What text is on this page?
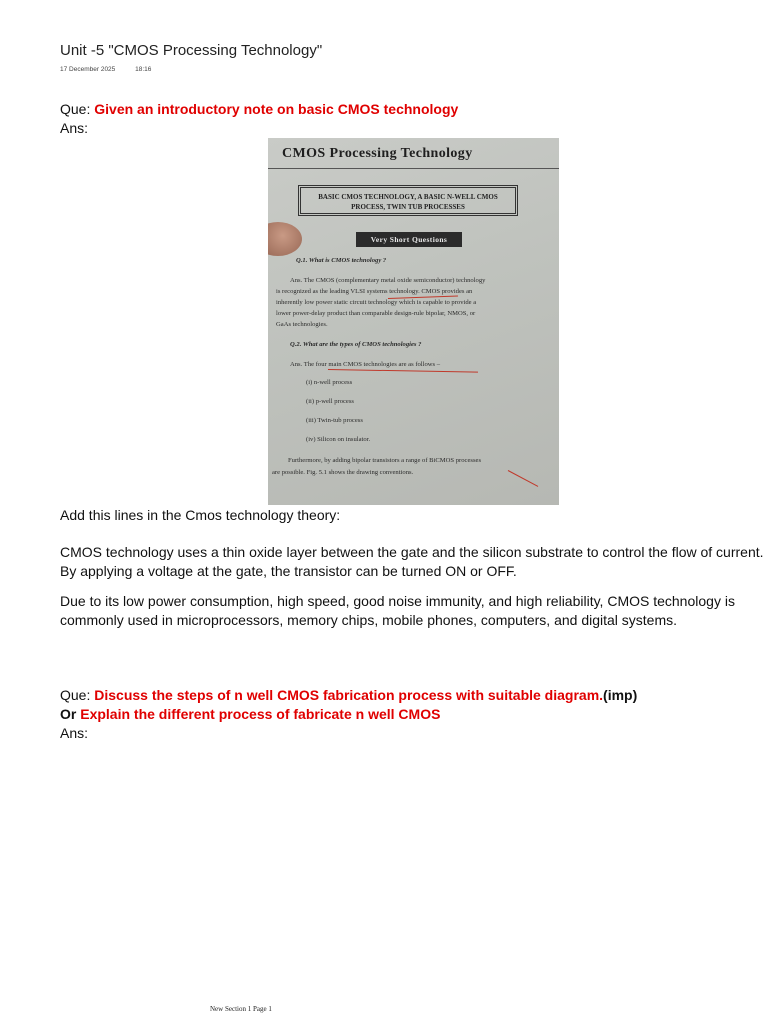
Unit -5 "CMOS Processing Technology"
17 December 2025	18:16
Que: Given an introductory note on basic CMOS technology
Ans:
CMOS Processing Technology
BASIC CMOS TECHNOLOGY, A BASIC N-WELL CMOS
PROCESS, TWIN TUB PROCESSES
Very Short Questions
Q.1. What is CMOS technology ?
Ans. The CMOS (complementary metal oxide semiconductor) technology
is recognized as the leading VLSI systems technology. CMOS provides an
inherently low power static circuit technology which is capable to provide a
lower power-delay product than comparable design-rule bipolar, NMOS, or
GaAs technologies.
Q.2. What are the types of CMOS technologies ?
Ans. The four main CMOS technologies are as follows –
(i) n-well process
(ii) p-well process
(iii) Twin-tub process
(iv) Silicon on insulator.
Furthermore, by adding bipolar transistors a range of BiCMOS processes
are possible. Fig. 5.1 shows the drawing conventions.
Add this lines in the Cmos technology theory:
CMOS technology uses a thin oxide layer between the gate and the silicon substrate to control the flow of current. By applying a voltage at the gate, the transistor can be turned ON or OFF.
Due to its low power consumption, high speed, good noise immunity, and high reliability, CMOS technology is commonly used in microprocessors, memory chips, mobile phones, computers, and digital systems.
Que: Discuss the steps of n well CMOS fabrication process with suitable diagram.(imp)
Or Explain the different process of fabricate n well CMOS
Ans:
New Section 1 Page 1
